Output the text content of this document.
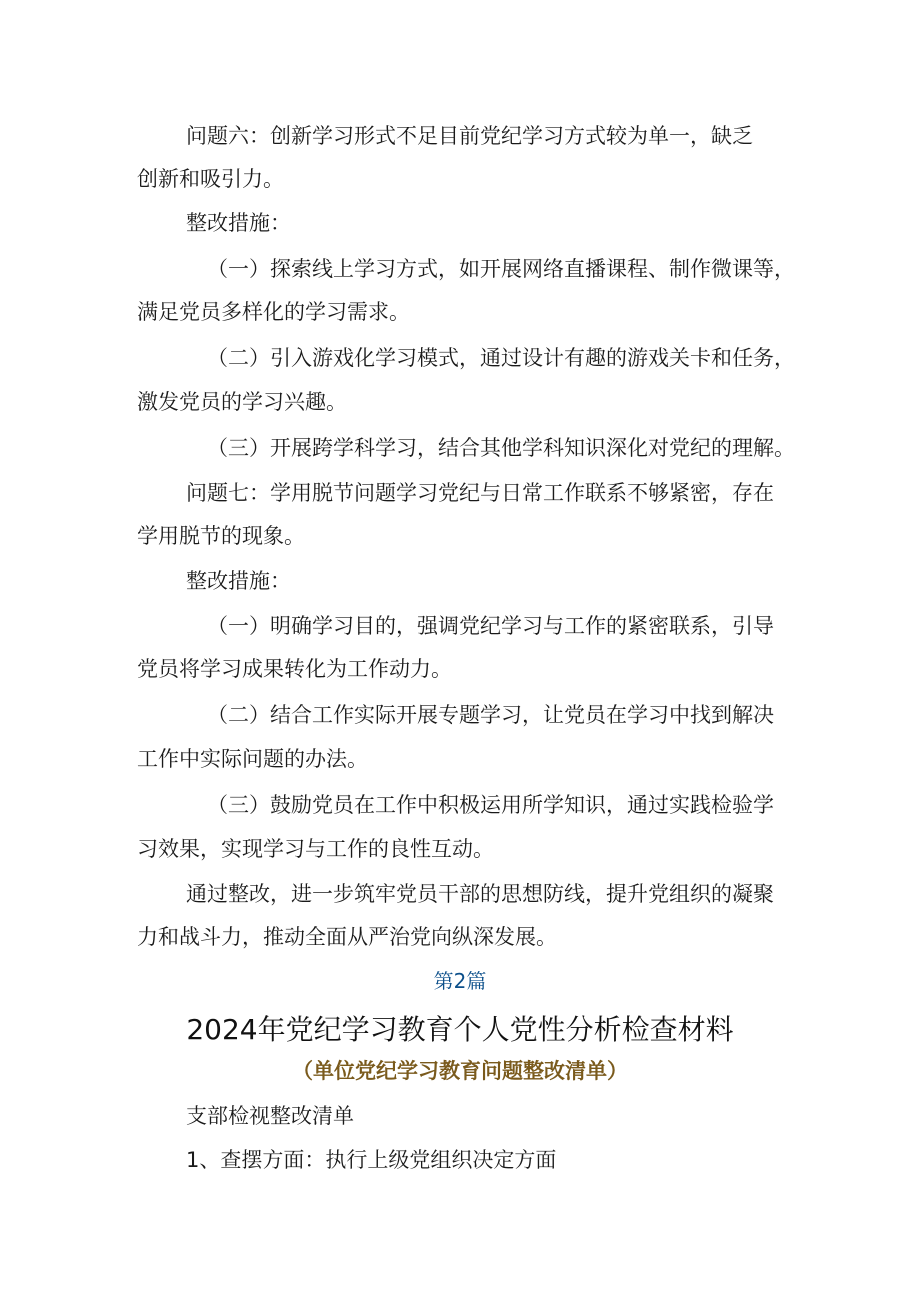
问题六：创新学习形式不足目前党纪学习方式较为单一，缺乏
创新和吸引力。
整改措施：
（一）探索线上学习方式，如开展网络直播课程、制作微课等，
满足党员多样化的学习需求。
（二）引入游戏化学习模式，通过设计有趣的游戏关卡和任务，
激发党员的学习兴趣。
（三）开展跨学科学习，结合其他学科知识深化对党纪的理解。
问题七：学用脱节问题学习党纪与日常工作联系不够紧密，存在
学用脱节的现象。
整改措施：
（一）明确学习目的，强调党纪学习与工作的紧密联系，引导
党员将学习成果转化为工作动力。
（二）结合工作实际开展专题学习，让党员在学习中找到解决
工作中实际问题的办法。
（三）鼓励党员在工作中积极运用所学知识，通过实践检验学
习效果，实现学习与工作的良性互动。
通过整改，进一步筑牢党员干部的思想防线，提升党组织的凝聚
力和战斗力，推动全面从严治党向纵深发展。
第2篇
2024年党纪学习教育个人党性分析检查材料
（单位党纪学习教育问题整改清单）
支部检视整改清单
1、查摆方面：执行上级党组织决定方面
